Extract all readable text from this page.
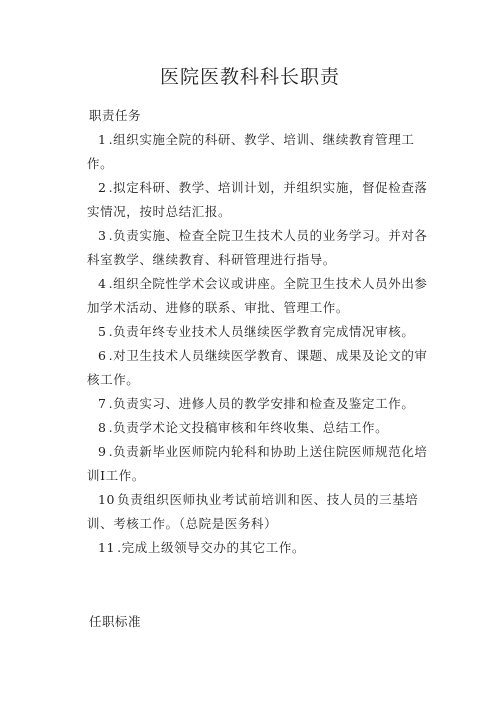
医院医教科科长职责
职责任务

1 .组织实施全院的科研、教学、培训、继续教育管理工作。

2 .拟定科研、教学、培训计划，并组织实施，督促检查落实情况，按时总结汇报。

3 .负责实施、检查全院卫生技术人员的业务学习。并对各科室教学、继续教育、科研管理进行指导。

4 .组织全院性学术会议或讲座。全院卫生技术人员外出参加学术活动、进修的联系、审批、管理工作。

5 .负责年终专业技术人员继续医学教育完成情况审核。

6 .对卫生技术人员继续医学教育、课题、成果及论文的审核工作。

7 .负责实习、进修人员的教学安排和检查及鉴定工作。

8 .负责学术论文投稿审核和年终收集、总结工作。

9 .负责新毕业医师院内轮科和协助上送住院医师规范化培训I工作。

10 负责组织医师执业考试前培训和医、技人员的三基培训、考核工作。（总院是医务科）

11 .完成上级领导交办的其它工作。

任职标准
